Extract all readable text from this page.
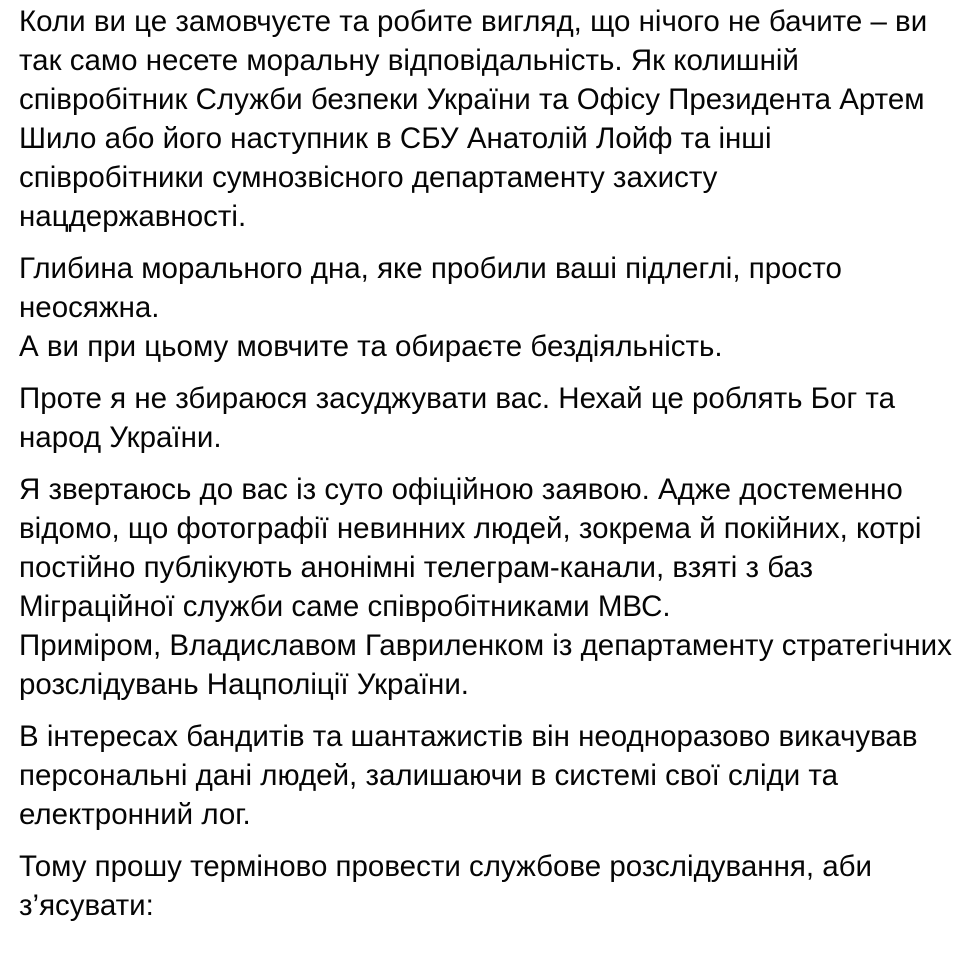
Коли ви це замовчуєте та робите вигляд, що нічого не бачите – ви
так само несете моральну відповідальність. Як колишній
співробітник Служби безпеки України та Офісу Президента Артем
Шило або його наступник в СБУ Анатолій Лойф та інші
співробітники сумнозвісного департаменту захисту
нацдержавності.
Глибина морального дна, яке пробили ваші підлеглі, просто
неосяжна.
А ви при цьому мовчите та обираєте бездіяльність.
Проте я не збираюся засуджувати вас. Нехай це роблять Бог та
народ України.
Я звертаюсь до вас із суто офіційною заявою. Адже достеменно
відомо, що фотографії невинних людей, зокрема й покійних, котрі
постійно публікують анонімні телеграм-канали, взяті з баз
Міграційної служби саме співробітниками МВС.
Приміром, Владиславом Гавриленком із департаменту стратегічних
розслідувань Нацполіції України.
В інтересах бандитів та шантажистів він неодноразово викачував
персональні дані людей, залишаючи в системі свої сліди та
електронний лог.
Тому прошу терміново провести службове розслідування, аби
з’ясувати:
